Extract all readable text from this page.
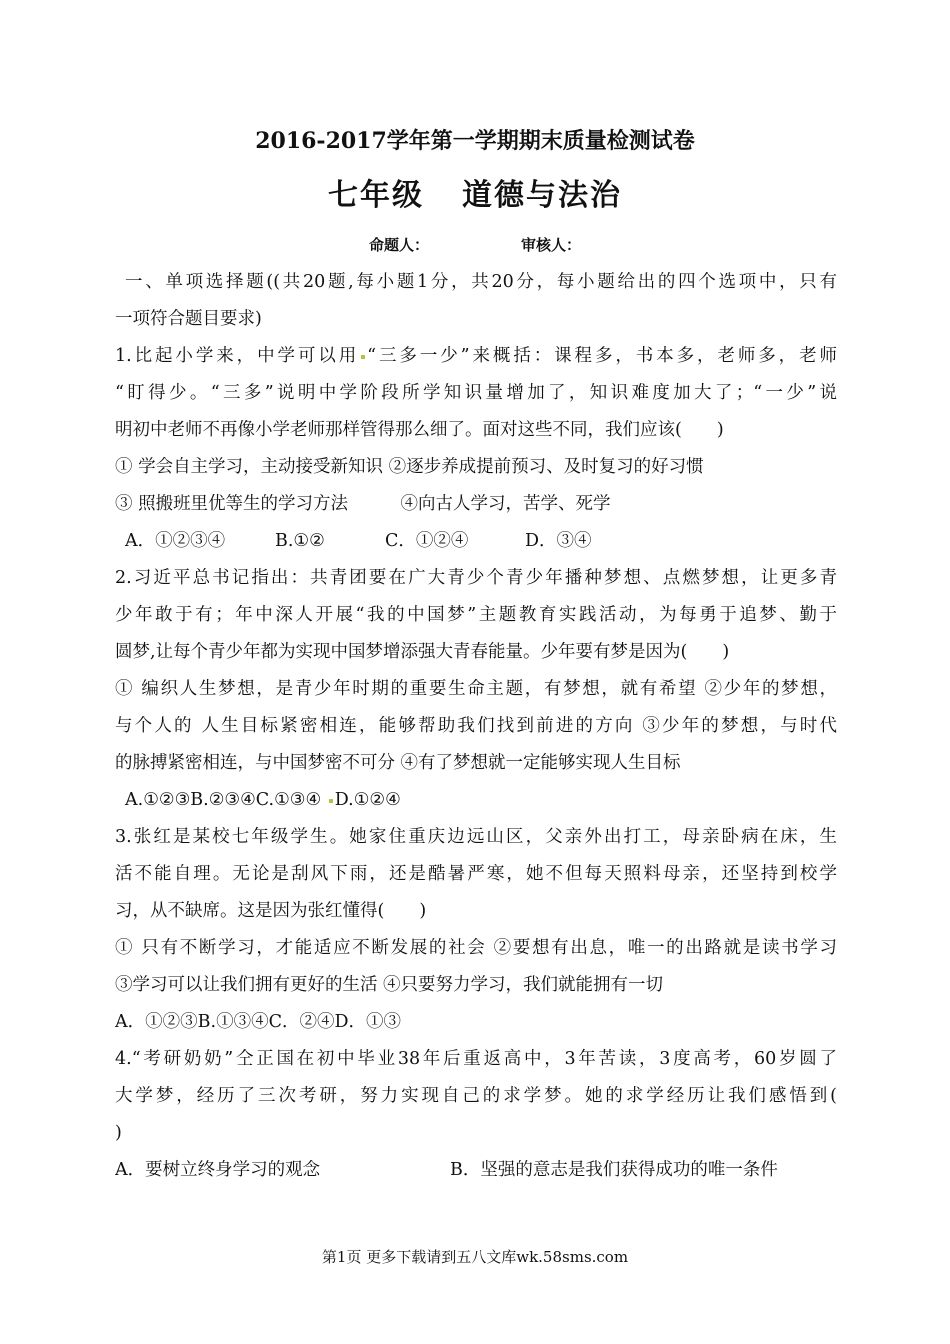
2016-2017学年第一学期期末质量检测试卷
七年级 道德与法治
命题人：	审核人：
一、单项选择题((共20题,每小题1分，共20分，每小题给出的四个选项中，只有
一项符合题目要求)
1.比起小学来，中学可以用 “三多一少”来概括：课程多，书本多，老师多，老师
“盯得少。“三多”说明中学阶段所学知识量增加了，知识难度加大了；“一少”说
明初中老师不再像小学老师那样管得那么细了。面对这些不同，我们应该(　　)
① 学会自主学习，主动接受新知识 ②逐步养成提前预习、及时复习的好习惯
③ 照搬班里优等生的学习方法　　　④向古人学习，苦学、死学
A．①②③④	B.①②	C．①②④	D．③④
2.习近平总书记指出：共青团要在广大青少个青少年播种梦想、点燃梦想，让更多青
少年敢于有；年中深人开展“我的中国梦”主题教育实践活动，为每勇于追梦、勤于
圆梦,让每个青少年都为实现中国梦增添强大青春能量。少年要有梦是因为(　　)
① 编织人生梦想，是青少年时期的重要生命主题，有梦想，就有希望 ②少年的梦想，
与个人的 人生目标紧密相连，能够帮助我们找到前进的方向 ③少年的梦想，与时代
的脉搏紧密相连，与中国梦密不可分 ④有了梦想就一定能够实现人生目标
A.①②③B.②③④C.①③④ D.①②④
3.张红是某校七年级学生。她家住重庆边远山区，父亲外出打工，母亲卧病在床，生
活不能自理。无论是刮风下雨，还是酷暑严寒，她不但每天照料母亲，还坚持到校学
习，从不缺席。这是因为张红懂得(　　)
① 只有不断学习，才能适应不断发展的社会 ②要想有出息，唯一的出路就是读书学习
③学习可以让我们拥有更好的生活 ④只要努力学习，我们就能拥有一切
A．①②③B.①③④C．②④D．①③
4.“考研奶奶”仝正国在初中毕业38年后重返高中，3年苦读，3度高考，60岁圆了
大学梦，经历了三次考研，努力实现自己的求学梦。她的求学经历让我们感悟到(
)
A．要树立终身学习的观念	B．坚强的意志是我们获得成功的唯一条件
第1页 更多下载请到五八文库wk.58sms.com
